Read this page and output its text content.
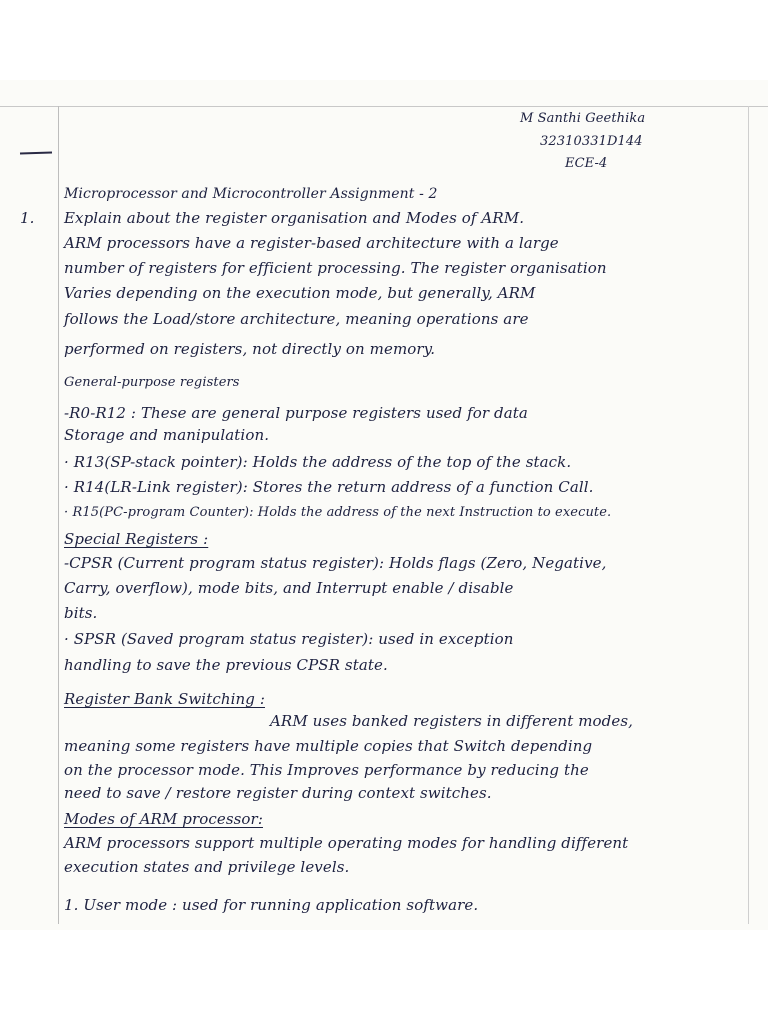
M Santhi Geethika
32310331D144
ECE-4
Microprocessor and Microcontroller Assignment - 2
1. Explain about the register organisation and Modes of ARM.
ARM processors have a register-based architecture with a large
number of registers for efficient processing. The register organisation
Varies depending on the execution mode, but generally, ARM
follows the Load/store architecture, meaning operations are
performed on registers, not directly on memory.
General-purpose registers
-R0-R12 : These are general purpose registers used for data
Storage and manipulation.
· R13(SP-stack pointer): Holds the address of the top of the stack.
· R14(LR-Link register): Stores the return address of a function Call.
· R15(PC-program Counter): Holds the address of the next Instruction to execute.
Special Registers :
-CPSR (Current program status register): Holds flags (Zero, Negative,
Carry, overflow), mode bits, and Interrupt enable / disable
bits.
· SPSR (Saved program status register): used in exception
handling to save the previous CPSR state.
Register Bank Switching :
ARM uses banked registers in different modes,
meaning some registers have multiple copies that Switch depending
on the processor mode. This Improves performance by reducing the
need to save / restore register during context switches.
Modes of ARM processor:
ARM processors support multiple operating modes for handling different
execution states and privilege levels.
1. User mode : used for running application software.
